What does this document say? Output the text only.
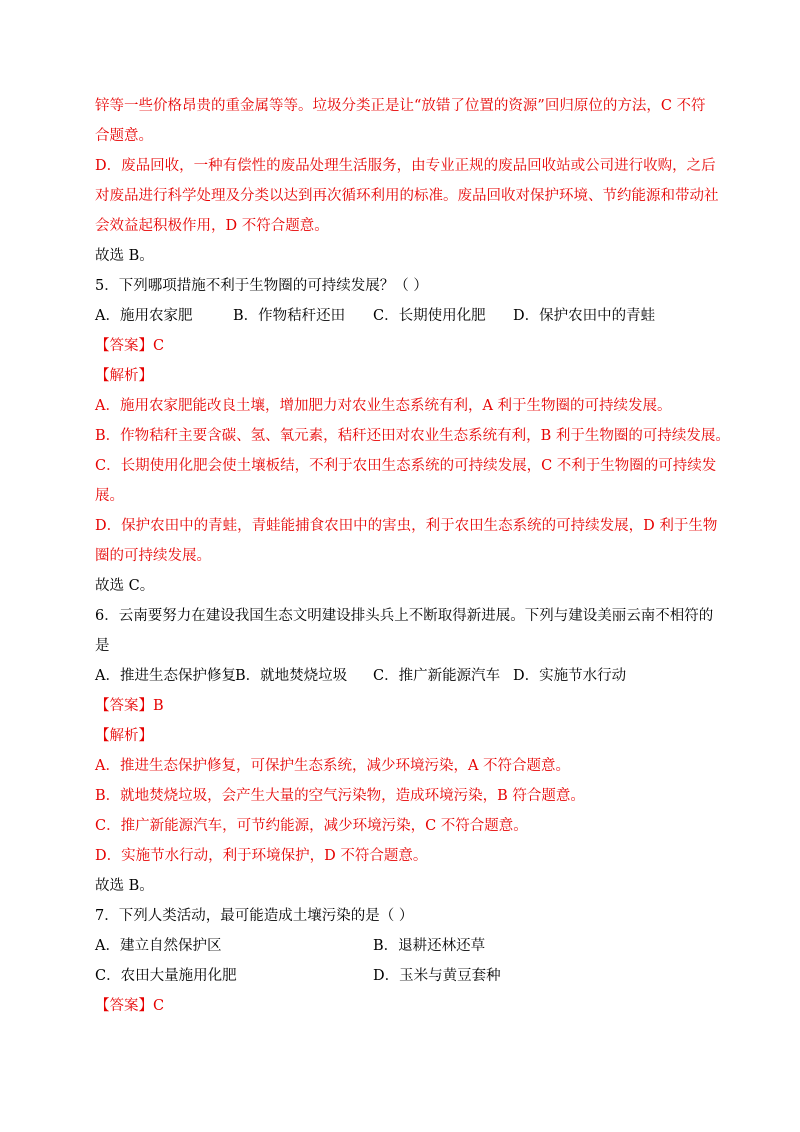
锌等一些价格昂贵的重金属等等。垃圾分类正是让“放错了位置的资源”回归原位的方法，C 不符
合题意。
D．废品回收，一种有偿性的废品处理生活服务，由专业正规的废品回收站或公司进行收购，之后
对废品进行科学处理及分类以达到再次循环利用的标准。废品回收对保护环境、节约能源和带动社
会效益起积极作用，D 不符合题意。
故选 B。
5．下列哪项措施不利于生物圈的可持续发展？（ ）
A．施用农家肥	B．作物秸秆还田 C．长期使用化肥 D．保护农田中的青蛙
【答案】C
【解析】
A．施用农家肥能改良土壤，增加肥力对农业生态系统有利，A 利于生物圈的可持续发展。
B．作物秸秆主要含碳、氢、氧元素，秸秆还田对农业生态系统有利，B 利于生物圈的可持续发展。
C．长期使用化肥会使土壤板结，不利于农田生态系统的可持续发展，C 不利于生物圈的可持续发
展。
D．保护农田中的青蛙，青蛙能捕食农田中的害虫，利于农田生态系统的可持续发展，D 利于生物
圈的可持续发展。
故选 C。
6．云南要努力在建设我国生态文明建设排头兵上不断取得新进展。下列与建设美丽云南不相符的
是
A．推进生态保护修复 B．就地焚烧垃圾 C．推广新能源汽车 D．实施节水行动
【答案】B
【解析】
A．推进生态保护修复，可保护生态系统，减少环境污染，A 不符合题意。
B．就地焚烧垃圾，会产生大量的空气污染物，造成环境污染，B 符合题意。
C．推广新能源汽车，可节约能源，减少环境污染，C 不符合题意。
D．实施节水行动，利于环境保护，D 不符合题意。
故选 B。
7．下列人类活动，最可能造成土壤污染的是（ ）
A．建立自然保护区	B．退耕还林还草
C．农田大量施用化肥	D．玉米与黄豆套种
【答案】C
